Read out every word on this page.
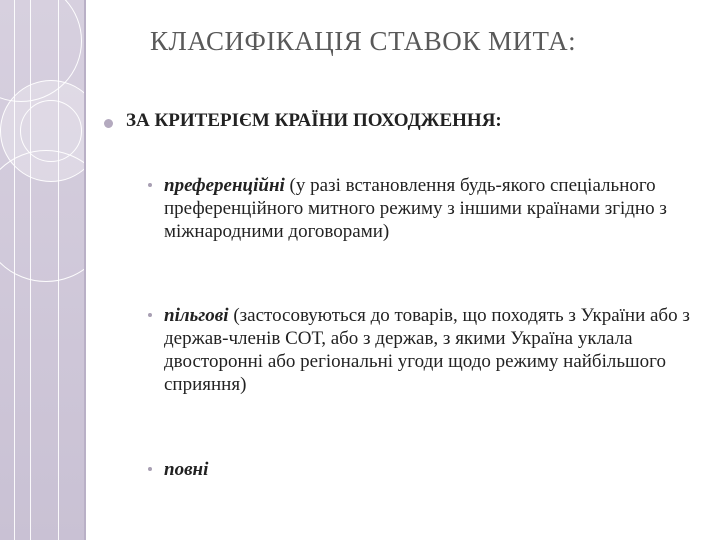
КЛАСИФІКАЦІЯ СТАВОК МИТА:
ЗА КРИТЕРІЄМ КРАЇНИ ПОХОДЖЕННЯ:
преференційні (у разі встановлення будь-якого спеціального преференційного митного режиму з іншими країнами згідно з міжнародними договорами)
пільгові (застосовуються до товарів, що походять з України або з держав-членів СОТ, або з держав, з якими Україна уклала двосторонні або регіональні угоди щодо режиму найбільшого сприяння)
повні
